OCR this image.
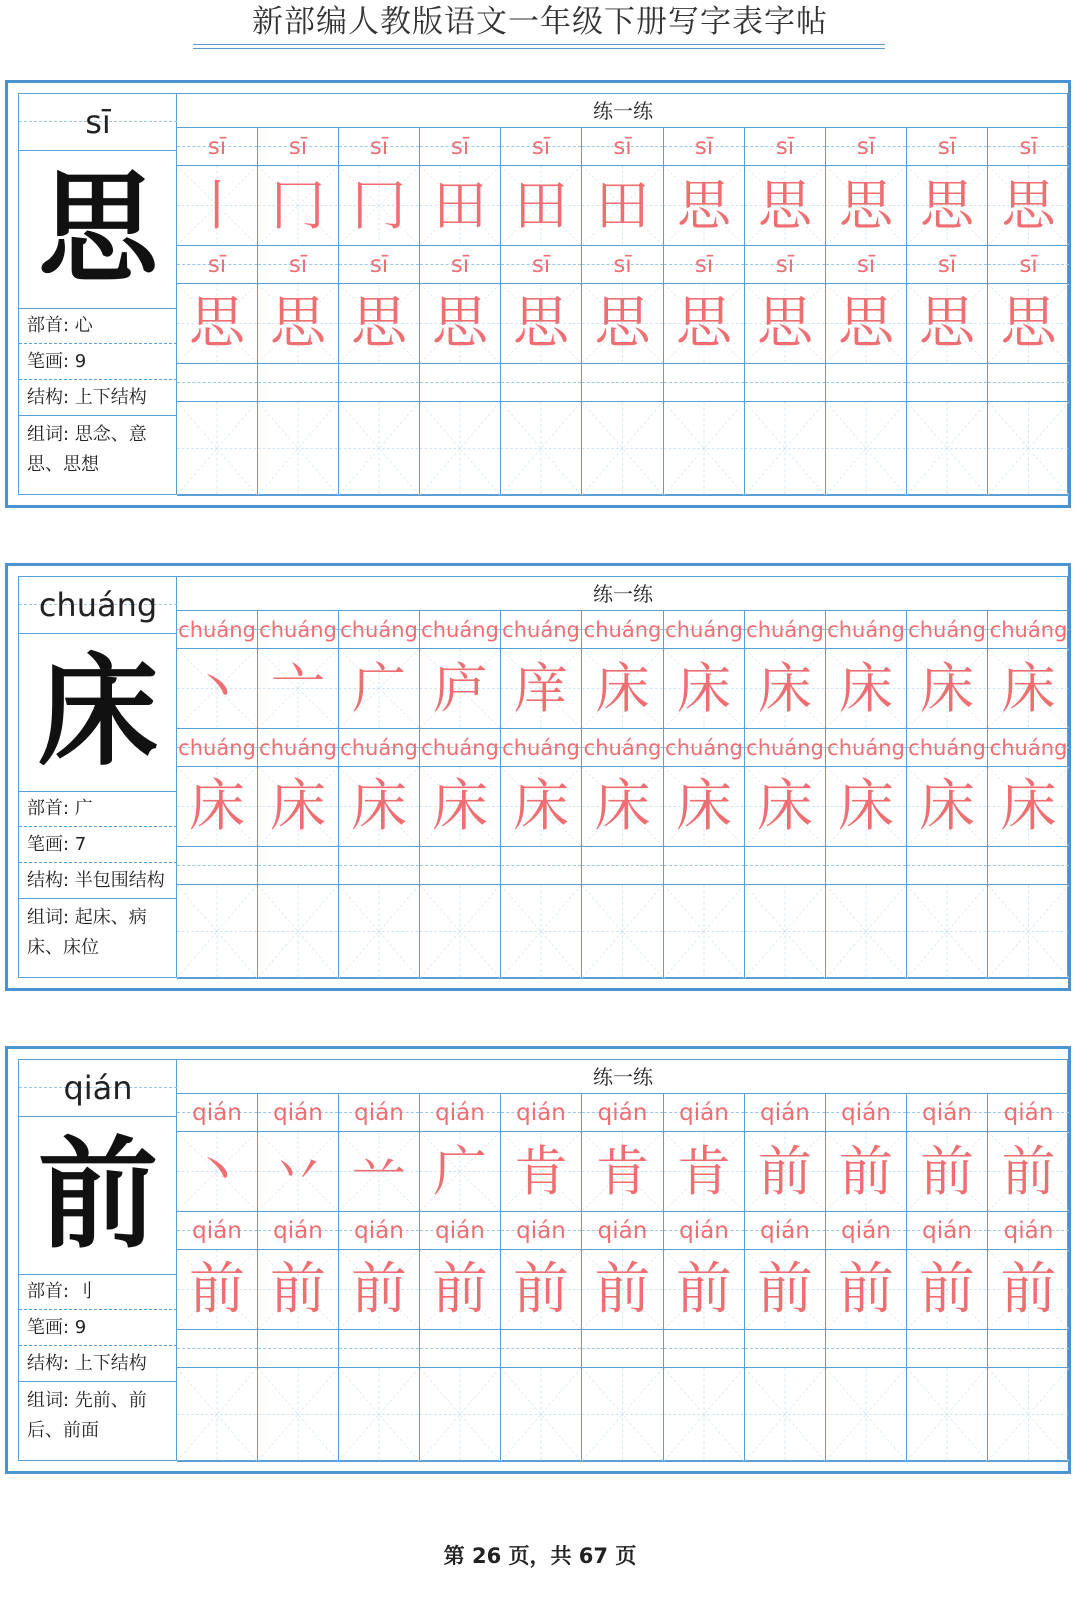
新部编人教版语文一年级下册写字表字帖
sī
思
部首: 心
笔画: 9
结构: 上下结构
组词: 思念、意思、思想
练一练
sī	sī	sī	sī	sī	sī	sī	sī	sī	sī	sī
丨 冂 冂 田 田 田 思 思 思 思 思
sī	sī	sī	sī	sī	sī	sī	sī	sī	sī	sī
思 思 思 思 思 思 思 思 思 思 思
chuáng
床
部首: 广
笔画: 7
结构: 半包围结构
组词: 起床、病床、床位
练一练
chuáng chuáng chuáng chuáng chuáng chuáng chuáng chuáng chuáng chuáng chuáng
丶 亠 广 庐 庠 床 床 床 床 床 床
chuáng chuáng chuáng chuáng chuáng chuáng chuáng chuáng chuáng chuáng chuáng
床 床 床 床 床 床 床 床 床 床 床
qián
前
部首: 刂
笔画: 9
结构: 上下结构
组词: 先前、前后、前面
练一练
qián	qián	qián	qián	qián	qián	qián	qián	qián	qián	qián
丶 丷 䒑 广 肯 肯 肯 前 前 前 前
qián	qián	qián	qián	qián	qián	qián	qián	qián	qián	qián
前 前 前 前 前 前 前 前 前 前 前
第 26 页，共 67 页
